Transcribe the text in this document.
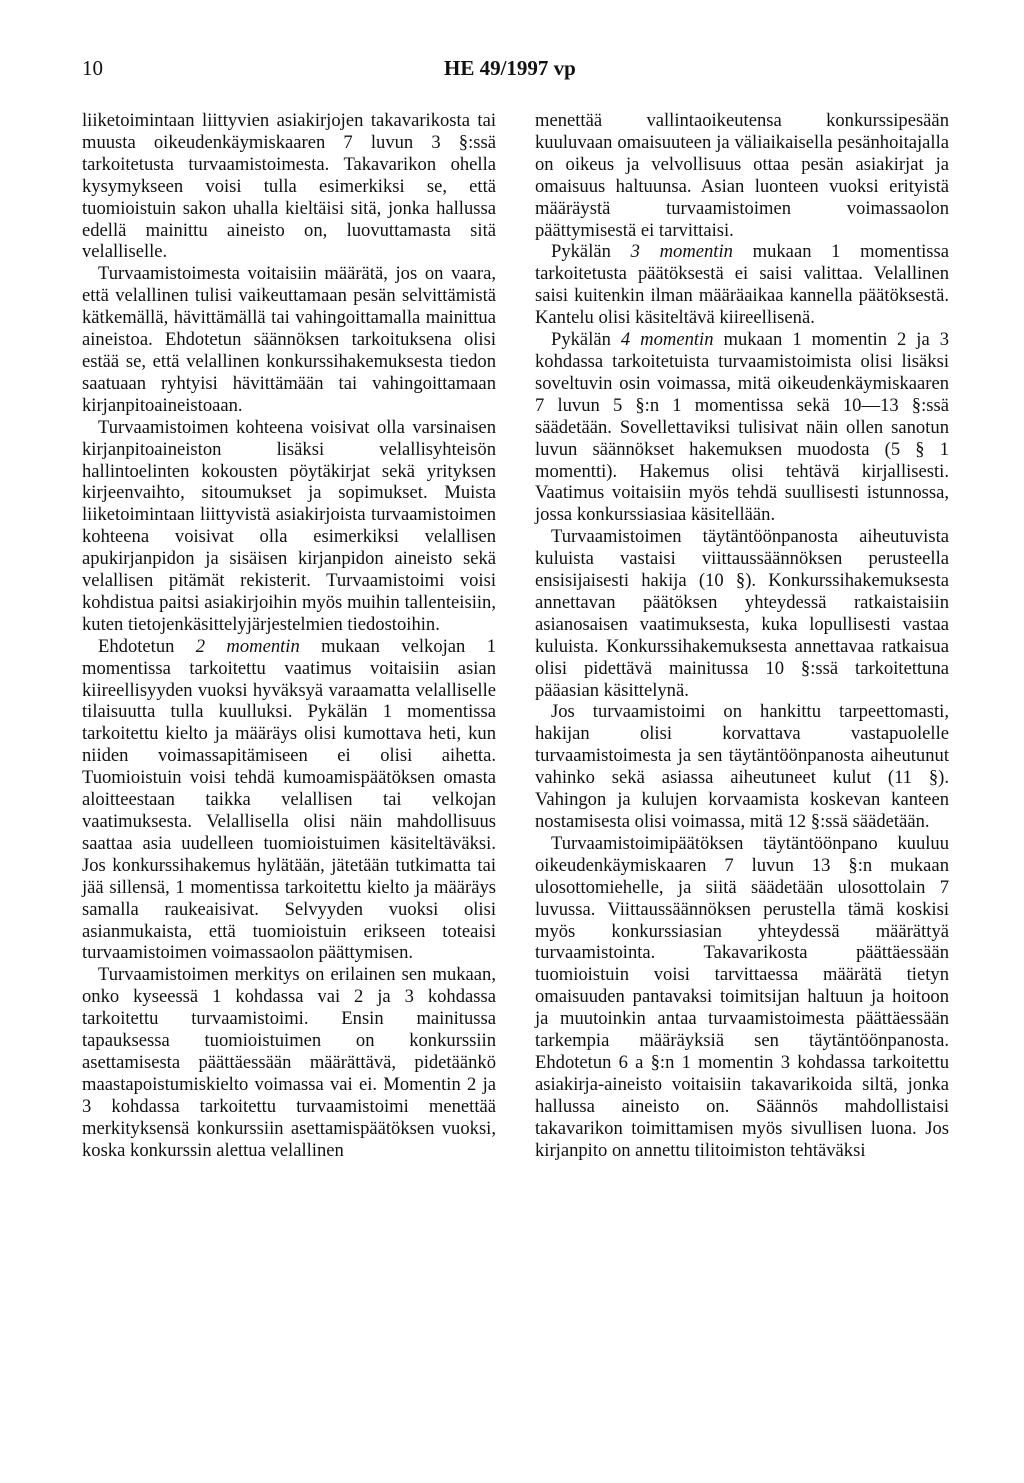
10	HE 49/1997 vp

liiketoimintaan liittyvien asiakirjojen takavarikosta tai muusta oikeudenkäymiskaaren 7 luvun 3 §:ssä tarkoitetusta turvaamistoimesta. Takavarikon ohella kysymykseen voisi tulla esimerkiksi se, että tuomioistuin sakon uhalla kieltäisi sitä, jonka hallussa edellä mainittu aineisto on, luovuttamasta sitä velalliselle.

Turvaamistoimesta voitaisiin määrätä, jos on vaara, että velallinen tulisi vaikeuttamaan pesän selvittämistä kätkemällä, hävittämällä tai vahingoittamalla mainittua aineistoa. Ehdotetun säännöksen tarkoituksena olisi estää se, että velallinen konkurssihakemuksesta tiedon saatuaan ryhtyisi hävittämään tai vahingoittamaan kirjanpitoaineistoaan.

Turvaamistoimen kohteena voisivat olla varsinaisen kirjanpitoaineiston lisäksi velallisyhteisön hallintoelinten kokousten pöytäkirjat sekä yrityksen kirjeenvaihto, sitoumukset ja sopimukset. Muista liiketoimintaan liittyvistä asiakirjoista turvaamistoimen kohteena voisivat olla esimerkiksi velallisen apukirjanpidon ja sisäisen kirjanpidon aineisto sekä velallisen pitämät rekisterit. Turvaamistoimi voisi kohdistua paitsi asiakirjoihin myös muihin tallenteisiin, kuten tietojenkäsittelyjärjestelmien tiedostoihin.

Ehdotetun 2 momentin mukaan velkojan 1 momentissa tarkoitettu vaatimus voitaisiin asian kiireellisyyden vuoksi hyväksyä varaamatta velalliselle tilaisuutta tulla kuulluksi. Pykälän 1 momentissa tarkoitettu kielto ja määräys olisi kumottava heti, kun niiden voimassapitämiseen ei olisi aihetta. Tuomioistuin voisi tehdä kumoamispäätöksen omasta aloitteestaan taikka velallisen tai velkojan vaatimuksesta. Velallisella olisi näin mahdollisuus saattaa asia uudelleen tuomioistuimen käsiteltäväksi. Jos konkurssihakemus hylätään, jätetään tutkimatta tai jää sillensä, 1 momentissa tarkoitettu kielto ja määräys samalla raukeaisivat. Selvyyden vuoksi olisi asianmukaista, että tuomioistuin erikseen toteaisi turvaamistoimen voimassaolon päättymisen.

Turvaamistoimen merkitys on erilainen sen mukaan, onko kyseessä 1 kohdassa vai 2 ja 3 kohdassa tarkoitettu turvaamistoimi. Ensin mainitussa tapauksessa tuomioistuimen on konkurssiin asettamisesta päättäessään määrättävä, pidetäänkö maastapoistumiskielto voimassa vai ei. Momentin 2 ja 3 kohdassa tarkoitettu turvaamistoimi menettää merkityksensä konkurssiin asettamispäätöksen vuoksi, koska konkurssin alettua velallinen

menettää vallintaoikeutensa konkurssipesään kuuluvaan omaisuuteen ja väliaikaisella pesänhoitajalla on oikeus ja velvollisuus ottaa pesän asiakirjat ja omaisuus haltuunsa. Asian luonteen vuoksi erityistä määräystä turvaamistoimen voimassaolon päättymisestä ei tarvittaisi.

Pykälän 3 momentin mukaan 1 momentissa tarkoitetusta päätöksestä ei saisi valittaa. Velallinen saisi kuitenkin ilman määräaikaa kannella päätöksestä. Kantelu olisi käsiteltävä kiireellisenä.

Pykälän 4 momentin mukaan 1 momentin 2 ja 3 kohdassa tarkoitetuista turvaamistoimista olisi lisäksi soveltuvin osin voimassa, mitä oikeudenkäymiskaaren 7 luvun 5 §:n 1 momentissa sekä 10—13 §:ssä säädetään. Sovellettaviksi tulisivat näin ollen sanotun luvun säännökset hakemuksen muodosta (5 § 1 momentti). Hakemus olisi tehtävä kirjallisesti. Vaatimus voitaisiin myös tehdä suullisesti istunnossa, jossa konkurssiasiaa käsitellään.

Turvaamistoimen täytäntöönpanosta aiheutuvista kuluista vastaisi viittaussäännöksen perusteella ensisijaisesti hakija (10 §). Konkurssihakemuksesta annettavan päätöksen yhteydessä ratkaistaisiin asianosaisen vaatimuksesta, kuka lopullisesti vastaa kuluista. Konkurssihakemuksesta annettavaa ratkaisua olisi pidettävä mainitussa 10 §:ssä tarkoitettuna pääasian käsittelynä.

Jos turvaamistoimi on hankittu tarpeettomasti, hakijan olisi korvattava vastapuolelle turvaamistoimesta ja sen täytäntöönpanosta aiheutunut vahinko sekä asiassa aiheutuneet kulut (11 §). Vahingon ja kulujen korvaamista koskevan kanteen nostamisesta olisi voimassa, mitä 12 §:ssä säädetään.

Turvaamistoimipäätöksen täytäntöönpano kuuluu oikeudenkäymiskaaren 7 luvun 13 §:n mukaan ulosottomiehelle, ja siitä säädetään ulosottolain 7 luvussa. Viittaussäännöksen perustella tämä koskisi myös konkurssiasian yhteydessä määrättyä turvaamistointa. Takavarikosta päättäessään tuomioistuin voisi tarvittaessa määrätä tietyn omaisuuden pantavaksi toimitsijan haltuun ja hoitoon ja muutoinkin antaa turvaamistoimesta päättäessään tarkempia määräyksiä sen täytäntöönpanosta. Ehdotetun 6 a §:n 1 momentin 3 kohdassa tarkoitettu asiakirja-aineisto voitaisiin takavarikoida siltä, jonka hallussa aineisto on. Säännös mahdollistaisi takavarikon toimittamisen myös sivullisen luona. Jos kirjanpito on annettu tilitoimiston tehtäväksi
